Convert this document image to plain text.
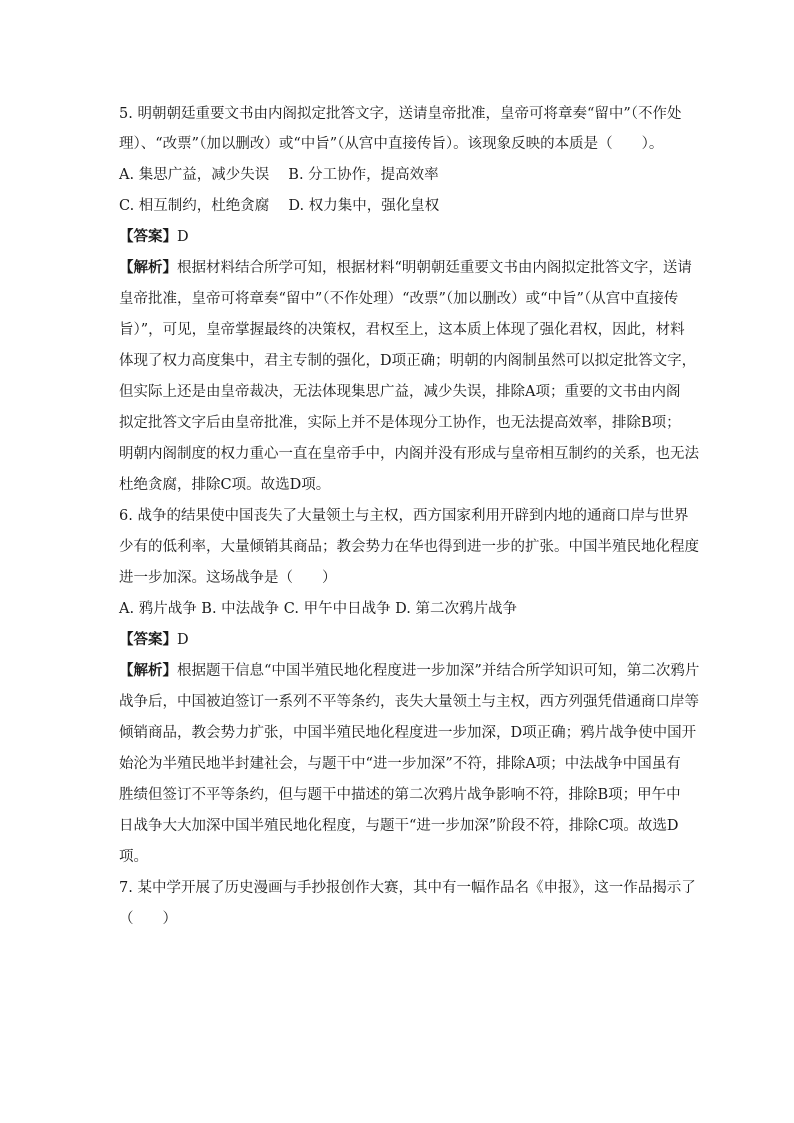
5. 明朝朝廷重要文书由内阁拟定批答文字，送请皇帝批准，皇帝可将章奏“留中”（不作处
理）、“改票”（加以删改）或“中旨”（从宫中直接传旨）。该现象反映的本质是（　　）。
A. 集思广益，减少失误　 B. 分工协作，提高效率
C. 相互制约，杜绝贪腐　 D. 权力集中，强化皇权
【答案】D
【解析】根据材料结合所学可知，根据材料“明朝朝廷重要文书由内阁拟定批答文字，送请
皇帝批准，皇帝可将章奏“留中”（不作处理）“改票”（加以删改）或“中旨”（从宫中直接传
旨）”，可见，皇帝掌握最终的决策权，君权至上，这本质上体现了强化君权，因此，材料
体现了权力高度集中，君主专制的强化，D项正确；明朝的内阁制虽然可以拟定批答文字，
但实际上还是由皇帝裁决，无法体现集思广益，减少失误，排除A项；重要的文书由内阁
拟定批答文字后由皇帝批准，实际上并不是体现分工协作，也无法提高效率，排除B项；
明朝内阁制度的权力重心一直在皇帝手中，内阁并没有形成与皇帝相互制约的关系，也无法
杜绝贪腐，排除C项。故选D项。
6. 战争的结果使中国丧失了大量领土与主权，西方国家利用开辟到内地的通商口岸与世界
少有的低利率，大量倾销其商品；教会势力在华也得到进一步的扩张。中国半殖民地化程度
进一步加深。这场战争是（　　）
A. 鸦片战争 B. 中法战争 C. 甲午中日战争 D. 第二次鸦片战争
【答案】D
【解析】根据题干信息“中国半殖民地化程度进一步加深”并结合所学知识可知，第二次鸦片
战争后，中国被迫签订一系列不平等条约，丧失大量领土与主权，西方列强凭借通商口岸等
倾销商品，教会势力扩张，中国半殖民地化程度进一步加深，D项正确；鸦片战争使中国开
始沦为半殖民地半封建社会，与题干中“进一步加深”不符，排除A项；中法战争中国虽有
胜绩但签订不平等条约，但与题干中描述的第二次鸦片战争影响不符，排除B项；甲午中
日战争大大加深中国半殖民地化程度，与题干“进一步加深”阶段不符，排除C项。故选D
项。
7. 某中学开展了历史漫画与手抄报创作大赛，其中有一幅作品名《申报》，这一作品揭示了
（　　）
